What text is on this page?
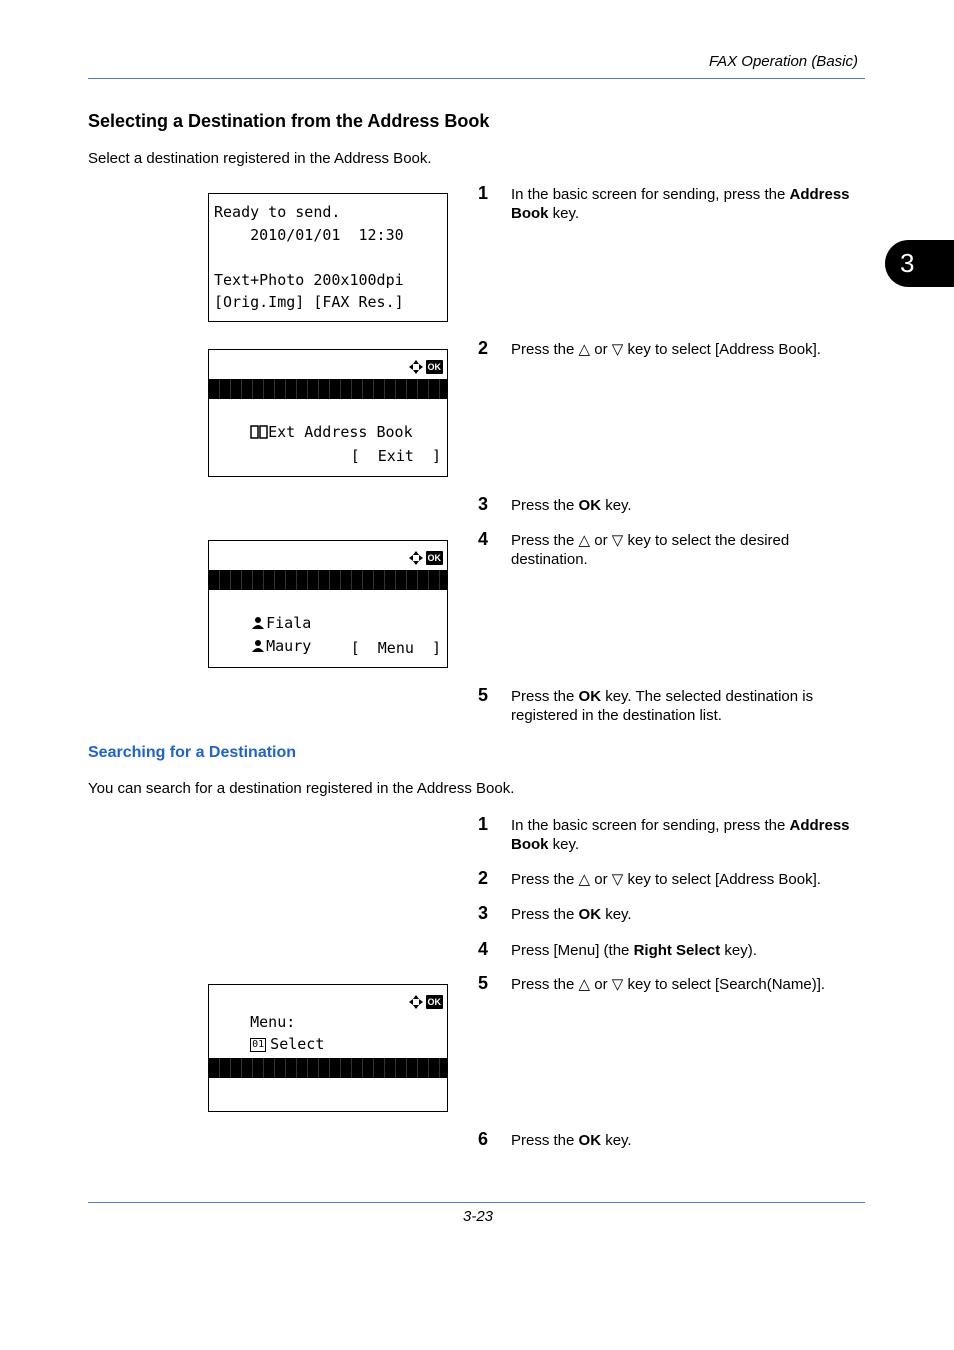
FAX Operation (Basic)
3
Selecting a Destination from the Address Book
Select a destination registered in the Address Book.
Ready to send.
2010/01/01  12:30
Text+Photo 200x100dpi
[Orig.Img] [FAX Res.]

OK

Address Book

Ext Address Book

[  Exit  ]
1 In the basic screen for sending, press the Address Book key.
2 Press the △ or ▽ key to select [Address Book].
3 Press the OK key.
4 Press the △ or ▽ key to select the desired destination.

OK

Design

Fiala

Maury
	[  Menu  ]
5 Press the OK key. The selected destination is registered in the destination list.
Searching for a Destination
You can search for a destination registered in the Address Book.
1 In the basic screen for sending, press the Address Book key.
2 Press the △ or ▽ key to select [Address Book].
3 Press the OK key.
4 Press [Menu] (the Right Select key).
5 Press the △ or ▽ key to select [Search(Name)].

Menu:

OK

01 Select

03 Search(Name)

6 Press the OK key.
3-23
